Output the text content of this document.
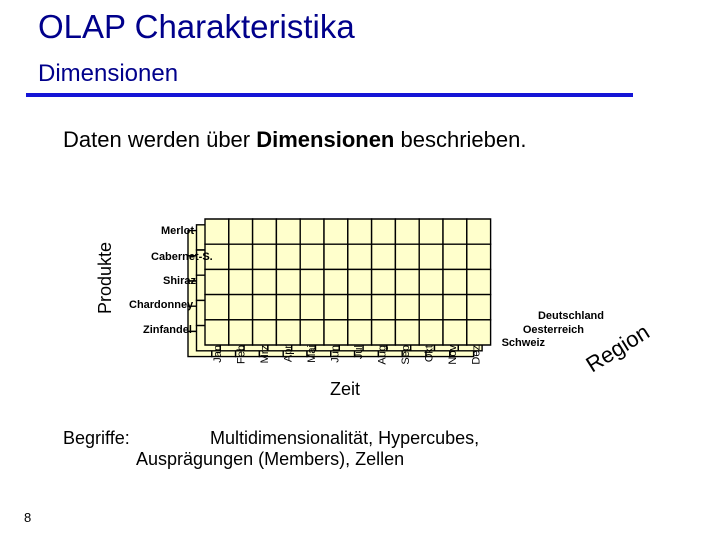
OLAP Charakteristika
Dimensionen
Daten werden über Dimensionen beschrieben.
Merlot
Cabernet-S.
Shiraz
Chardonney
Zinfandel
Jan Feb Mrz Apr Mai Jun Jul Aug Sep Okt Nov Dez
Deutschland
Oesterreich
Schweiz
Produkte
Zeit
Region
Begriffe:	Multidimensionalität, Hypercubes,
Ausprägungen (Members), Zellen
8
